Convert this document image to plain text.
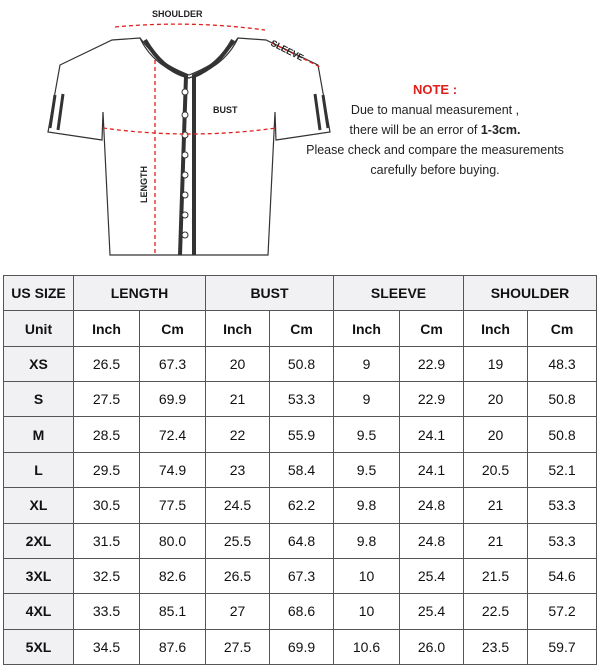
SHOULDER
SLEEVE
BUST
LENGTH
NOTE :
Due to manual measurement ,
there will be an error of 1-3cm.
Please check and compare the measurements
carefully before buying.
US SIZE	LENGTH		BUST		SLEEVE		SHOULDER	
Unit	Inch	Cm	Inch	Cm	Inch	Cm	Inch	Cm
XS	26.5	67.3	20	50.8	9	22.9	19	48.3
S	27.5	69.9	21	53.3	9	22.9	20	50.8
M	28.5	72.4	22	55.9	9.5	24.1	20	50.8
L	29.5	74.9	23	58.4	9.5	24.1	20.5	52.1
XL	30.5	77.5	24.5	62.2	9.8	24.8	21	53.3
2XL	31.5	80.0	25.5	64.8	9.8	24.8	21	53.3
3XL	32.5	82.6	26.5	67.3	10	25.4	21.5	54.6
4XL	33.5	85.1	27	68.6	10	25.4	22.5	57.2
5XL	34.5	87.6	27.5	69.9	10.6	26.0	23.5	59.7
